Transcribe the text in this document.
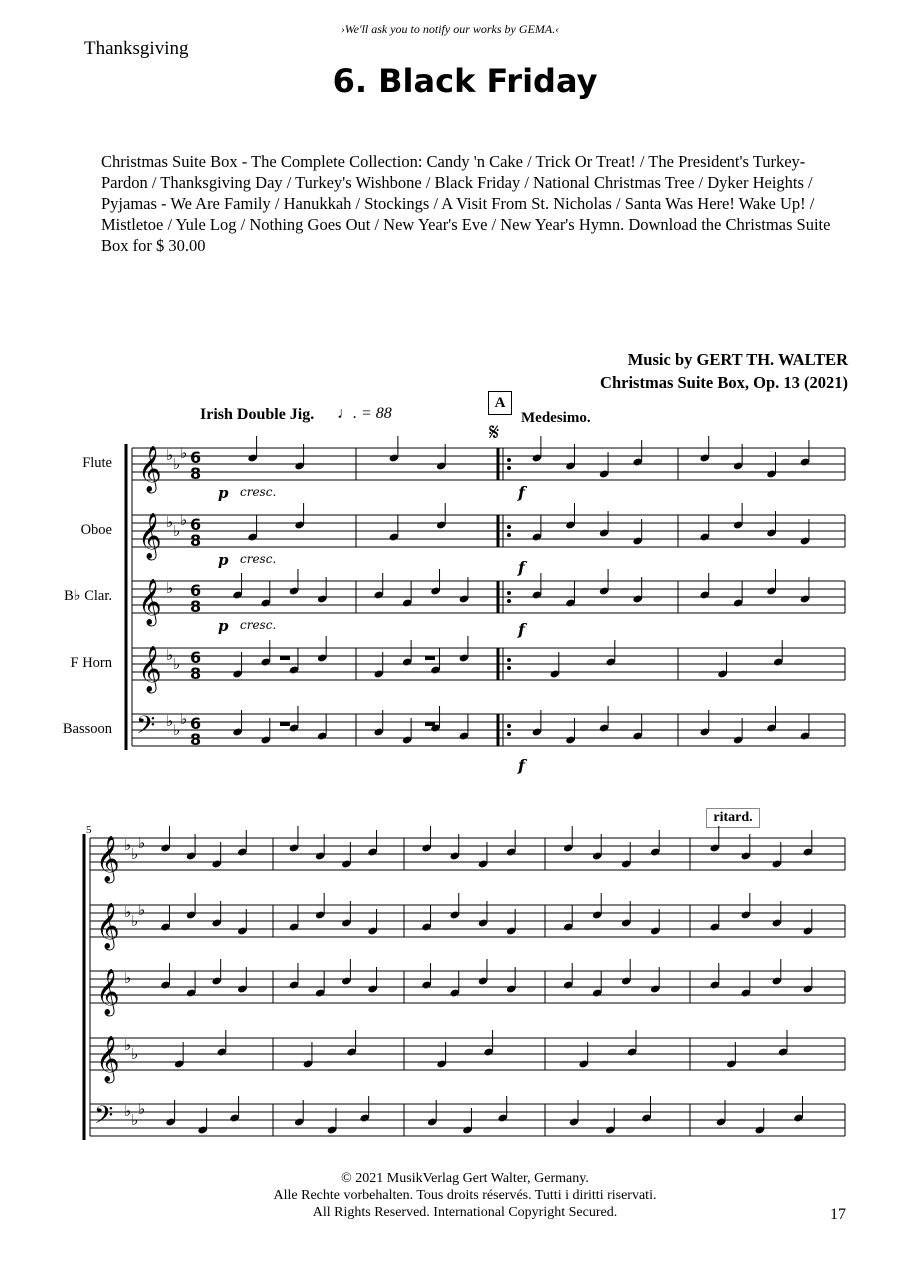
›We'll ask you to notify our works by GEMA.‹
Thanksgiving
6. Black Friday
Christmas Suite Box - The Complete Collection: Candy 'n Cake / Trick Or Treat! / The President's Turkey-Pardon / Thanksgiving Day / Turkey's Wishbone / Black Friday / National Christmas Tree / Dyker Heights / Pyjamas - We Are Family / Hanukkah / Stockings / A Visit From St. Nicholas / Santa Was Here! Wake Up! / Mistletoe / Yule Log / Nothing Goes Out / New Year's Eve / New Year's Hymn. Download the Christmas Suite Box for $ 30.00
Music by GERT TH. WALTER
Christmas Suite Box, Op. 13 (2021)
Irish Double Jig. ♩. = 88
A
Medesimo.
ritard.
Flute
Oboe
B♭ Clar.
F Horn
Bassoon
𝄞 ♭ ♭
♭ 6
8
𝄞 ♭ ♭
♭ 6
8
𝄞 ♭ 6
8
𝄞 ♭ ♭ 6
8
𝄢 ♭ ♭
♭ 6
8
𝄋
p cresc.
p cresc.
p cresc.
f
f
f
f
𝄞 ♭ ♭
♭
𝄞 ♭ ♭
♭
𝄞 ♭
𝄞 ♭ ♭
𝄢 ♭ ♭
♭
5
© 2021 MusikVerlag Gert Walter, Germany.
Alle Rechte vorbehalten. Tous droits réservés. Tutti i diritti riservati.
All Rights Reserved. International Copyright Secured.	17
